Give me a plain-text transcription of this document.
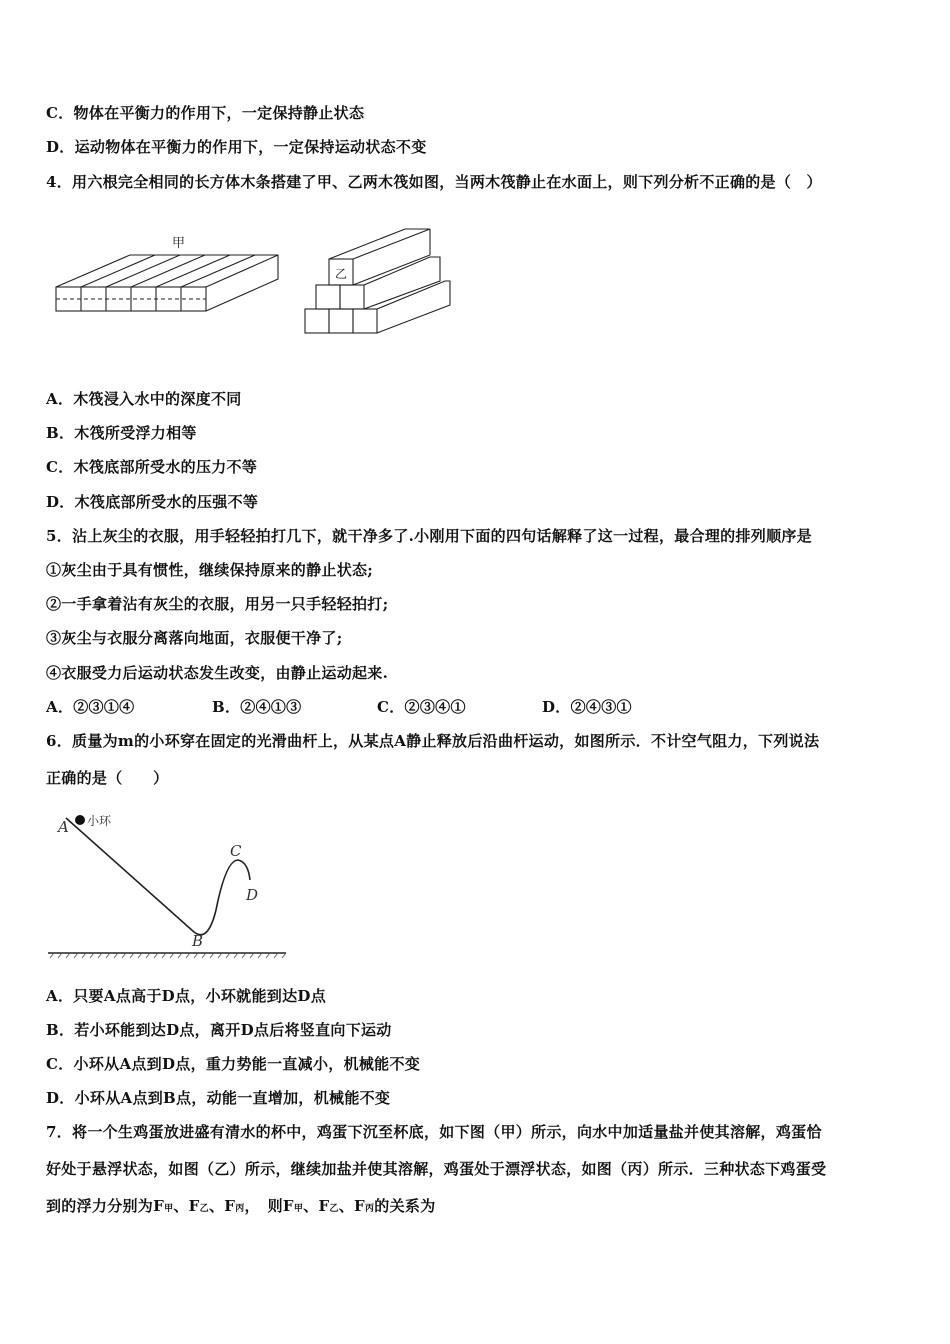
C．物体在平衡力的作用下，一定保持静止状态
D．运动物体在平衡力的作用下，一定保持运动状态不变
4．用六根完全相同的长方体木条搭建了甲、乙两木筏如图，当两木筏静止在水面上，则下列分析不正确的是（　）
甲
乙
A．木筏浸入水中的深度不同
B．木筏所受浮力相等
C．木筏底部所受水的压力不等
D．木筏底部所受水的压强不等
5．沾上灰尘的衣服，用手轻轻拍打几下，就干净多了.小刚用下面的四句话解释了这一过程，最合理的排列顺序是
①灰尘由于具有惯性，继续保持原来的静止状态;
②一手拿着沾有灰尘的衣服，用另一只手轻轻拍打;
③灰尘与衣服分离落向地面，衣服便干净了;
④衣服受力后运动状态发生改变，由静止运动起来.
A．②③①④	B．②④①③	C．②③④①	D．②④③①
6．质量为m的小环穿在固定的光滑曲杆上，从某点A静止释放后沿曲杆运动，如图所示．不计空气阻力，下列说法
正确的是（　　）
A
B
C
D
小环
A．只要A点高于D点，小环就能到达D点
B．若小环能到达D点，离开D点后将竖直向下运动
C．小环从A点到D点，重力势能一直减小，机械能不变
D．小环从A点到B点，动能一直增加，机械能不变
7．将一个生鸡蛋放进盛有清水的杯中，鸡蛋下沉至杯底，如下图（甲）所示，向水中加适量盐并使其溶解，鸡蛋恰
好处于悬浮状态，如图（乙）所示，继续加盐并使其溶解，鸡蛋处于漂浮状态，如图（丙）所示．三种状态下鸡蛋受
到的浮力分别为F甲、F乙、F丙，　则F甲、F乙、F丙的关系为
